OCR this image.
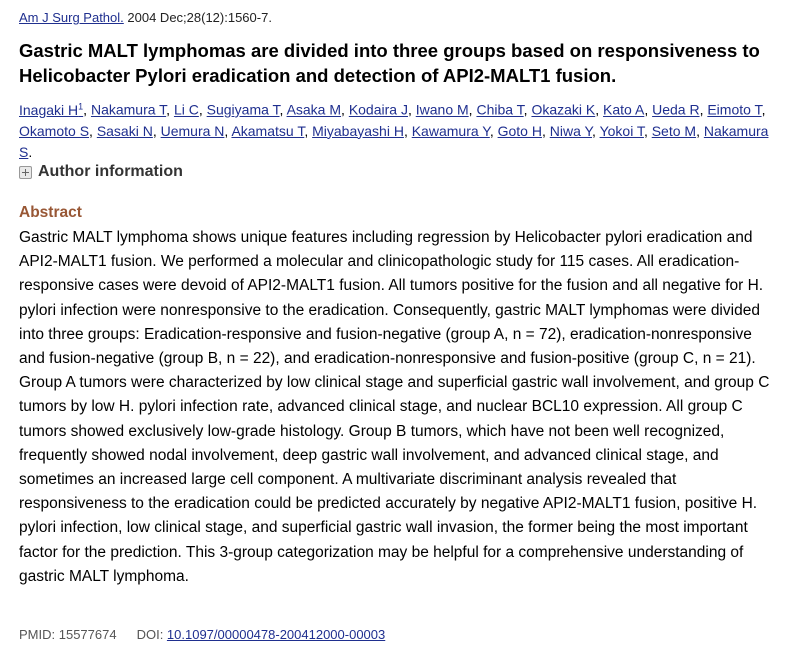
Am J Surg Pathol. 2004 Dec;28(12):1560-7.
Gastric MALT lymphomas are divided into three groups based on responsiveness to Helicobacter Pylori eradication and detection of API2-MALT1 fusion.
Inagaki H$^1$, Nakamura T, Li C, Sugiyama T, Asaka M, Kodaira J, Iwano M, Chiba T, Okazaki K, Kato A, Ueda R, Eimoto T, Okamoto S, Sasaki N, Uemura N, Akamatsu T, Miyabayashi H, Kawamura Y, Goto H, Niwa Y, Yokoi T, Seto M, Nakamura S.
Author information
Abstract

Gastric MALT lymphoma shows unique features including regression by Helicobacter pylori eradication and API2-MALT1 fusion. We performed a molecular and clinicopathologic study for 115 cases. All eradication-responsive cases were devoid of API2-MALT1 fusion. All tumors positive for the fusion and all negative for H. pylori infection were nonresponsive to the eradication. Consequently, gastric MALT lymphomas were divided into three groups: Eradication-responsive and fusion-negative (group A, n = 72), eradication-nonresponsive and fusion-negative (group B, n = 22), and eradication-nonresponsive and fusion-positive (group C, n = 21). Group A tumors were characterized by low clinical stage and superficial gastric wall involvement, and group C tumors by low H. pylori infection rate, advanced clinical stage, and nuclear BCL10 expression. All group C tumors showed exclusively low-grade histology. Group B tumors, which have not been well recognized, frequently showed nodal involvement, deep gastric wall involvement, and advanced clinical stage, and sometimes an increased large cell component. A multivariate discriminant analysis revealed that responsiveness to the eradication could be predicted accurately by negative API2-MALT1 fusion, positive H. pylori infection, low clinical stage, and superficial gastric wall invasion, the former being the most important factor for the prediction. This 3-group categorization may be helpful for a comprehensive understanding of gastric MALT lymphoma.

PMID: 15577674 DOI: 10.1097/00000478-200412000-00003
